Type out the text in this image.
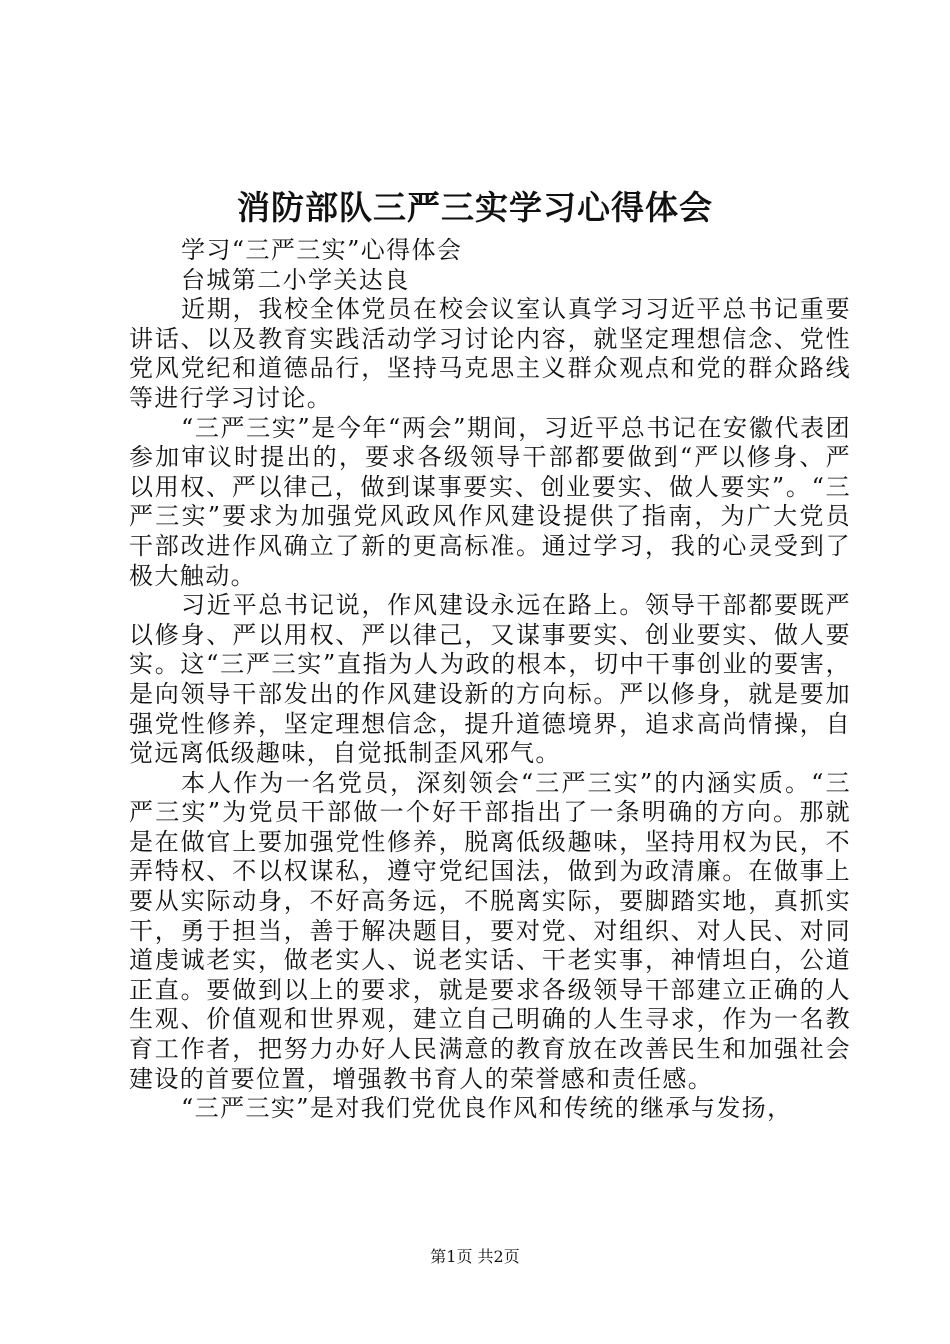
消防部队三严三实学习心得体会

学习“三严三实”心得体会

台城第二小学关达良

近期，我校全体党员在校会议室认真学习习近平总书记重要讲话、以及教育实践活动学习讨论内容，就坚定理想信念、党性党风党纪和道德品行，坚持马克思主义群众观点和党的群众路线等进行学习讨论。

“三严三实”是今年“两会”期间，习近平总书记在安徽代表团参加审议时提出的，要求各级领导干部都要做到“严以修身、严以用权、严以律己，做到谋事要实、创业要实、做人要实”。“三严三实”要求为加强党风政风作风建设提供了指南，为广大党员干部改进作风确立了新的更高标准。通过学习，我的心灵受到了极大触动。

习近平总书记说，作风建设永远在路上。领导干部都要既严以修身、严以用权、严以律己，又谋事要实、创业要实、做人要实。这“三严三实”直指为人为政的根本，切中干事创业的要害，是向领导干部发出的作风建设新的方向标。严以修身，就是要加强党性修养，坚定理想信念，提升道德境界，追求高尚情操，自觉远离低级趣味，自觉抵制歪风邪气。

本人作为一名党员，深刻领会“三严三实”的内涵实质。“三严三实”为党员干部做一个好干部指出了一条明确的方向。那就是在做官上要加强党性修养，脱离低级趣味，坚持用权为民，不弄特权、不以权谋私，遵守党纪国法，做到为政清廉。在做事上要从实际动身，不好高务远，不脱离实际，要脚踏实地，真抓实干，勇于担当，善于解决题目，要对党、对组织、对人民、对同道虔诚老实，做老实人、说老实话、干老实事，神情坦白，公道正直。要做到以上的要求，就是要求各级领导干部建立正确的人生观、价值观和世界观，建立自己明确的人生寻求，作为一名教育工作者，把努力办好人民满意的教育放在改善民生和加强社会建设的首要位置，增强教书育人的荣誉感和责任感。

“三严三实”是对我们党优良作风和传统的继承与发扬，

第1页 共2页
